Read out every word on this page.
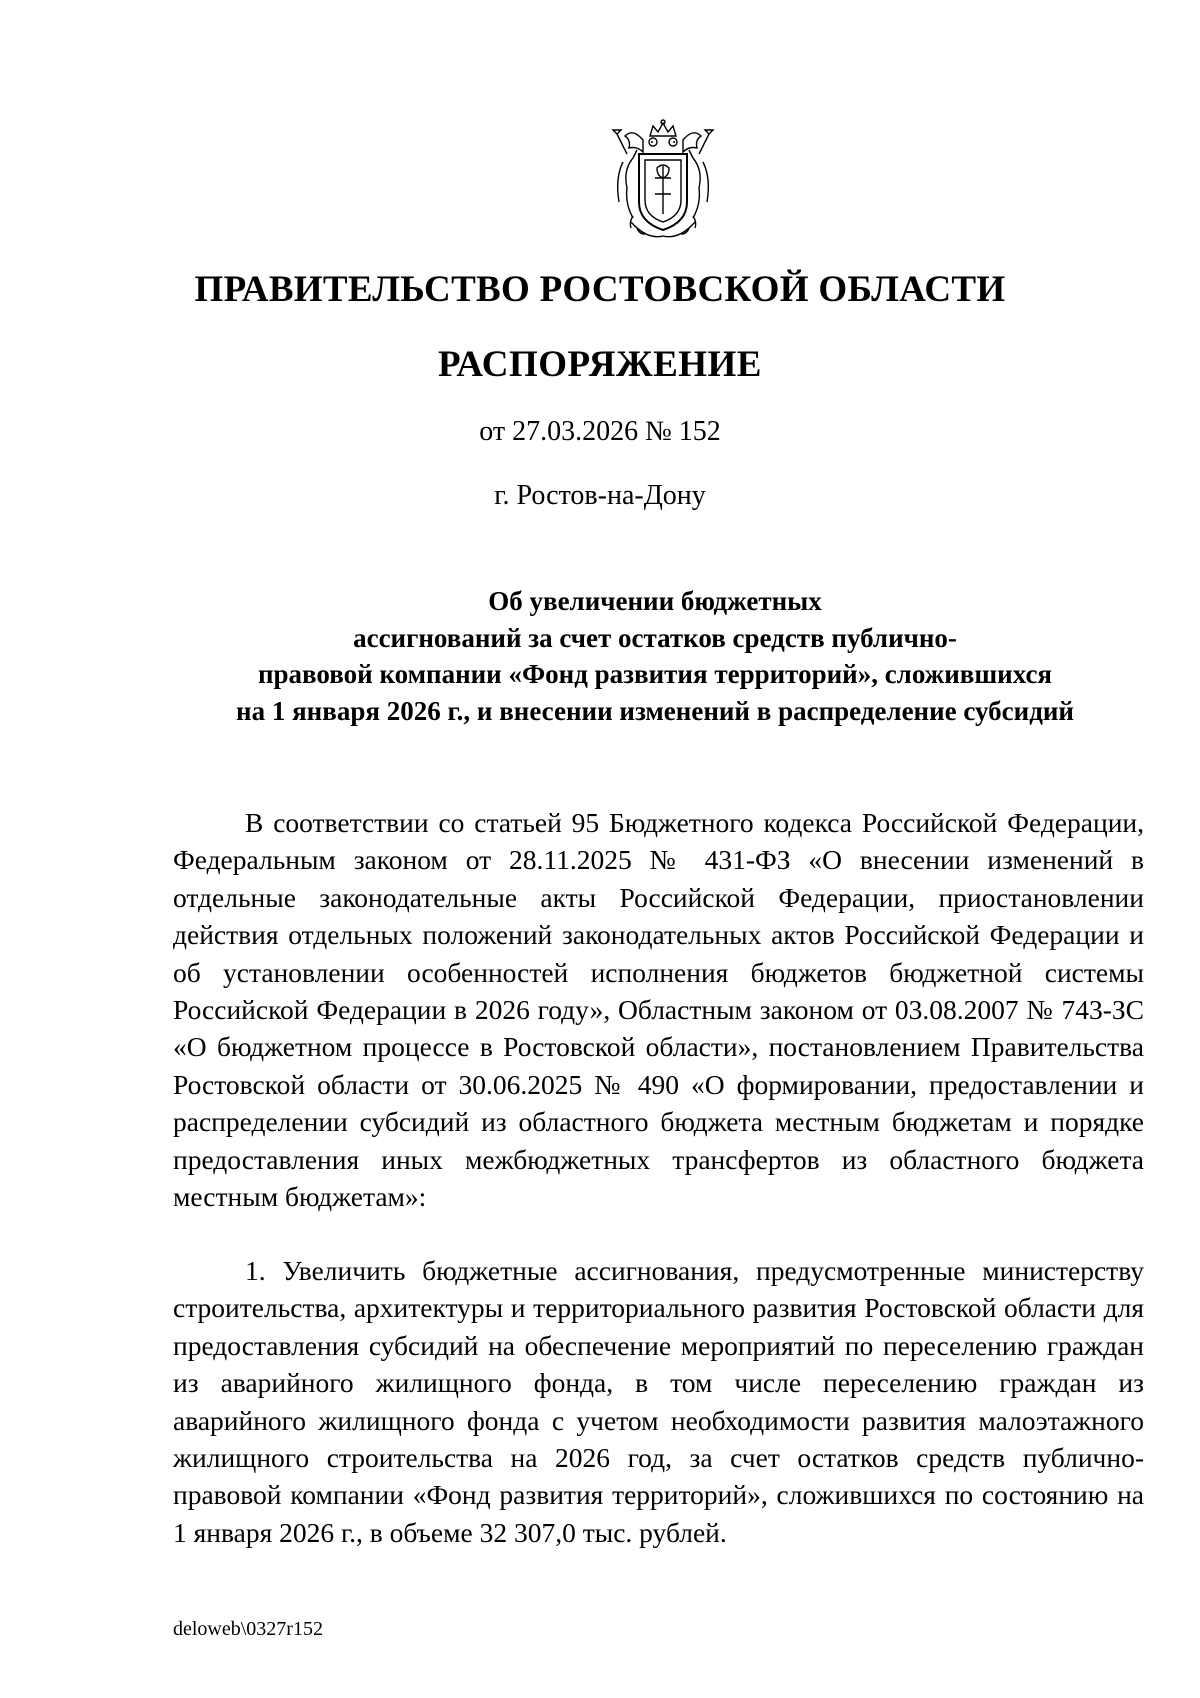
ПРАВИТЕЛЬСТВО РОСТОВСКОЙ ОБЛАСТИ
РАСПОРЯЖЕНИЕ
от 27.03.2026 № 152
г. Ростов-на-Дону
Об увеличении бюджетных
ассигнований за счет остатков средств публично-
правовой компании «Фонд развития территорий», сложившихся
на 1 января 2026 г., и внесении изменений в распределение субсидий

В соответствии со статьей 95 Бюджетного кодекса Российской Федерации, Федеральным законом от 28.11.2025 № 431-ФЗ «О внесении изменений в отдельные законодательные акты Российской Федерации, приостановлении действия отдельных положений законодательных актов Российской Федерации и об установлении особенностей исполнения бюджетов бюджетной системы Российской Федерации в 2026 году», Областным законом от 03.08.2007 № 743-ЗС «О бюджетном процессе в Ростовской области», постановлением Правительства Ростовской области от 30.06.2025 № 490 «О формировании, предоставлении и распределении субсидий из областного бюджета местным бюджетам и порядке предоставления иных межбюджетных трансфертов из областного бюджета местным бюджетам»:

1. Увеличить бюджетные ассигнования, предусмотренные министерству строительства, архитектуры и территориального развития Ростовской области для предоставления субсидий на обеспечение мероприятий по переселению граждан из аварийного жилищного фонда, в том числе переселению граждан из аварийного жилищного фонда с учетом необходимости развития малоэтажного жилищного строительства на 2026 год, за счет остатков средств публично-правовой компании «Фонд развития территорий», сложившихся по состоянию на 1 января 2026 г., в объеме 32 307,0 тыс. рублей.

deloweb\0327r152
